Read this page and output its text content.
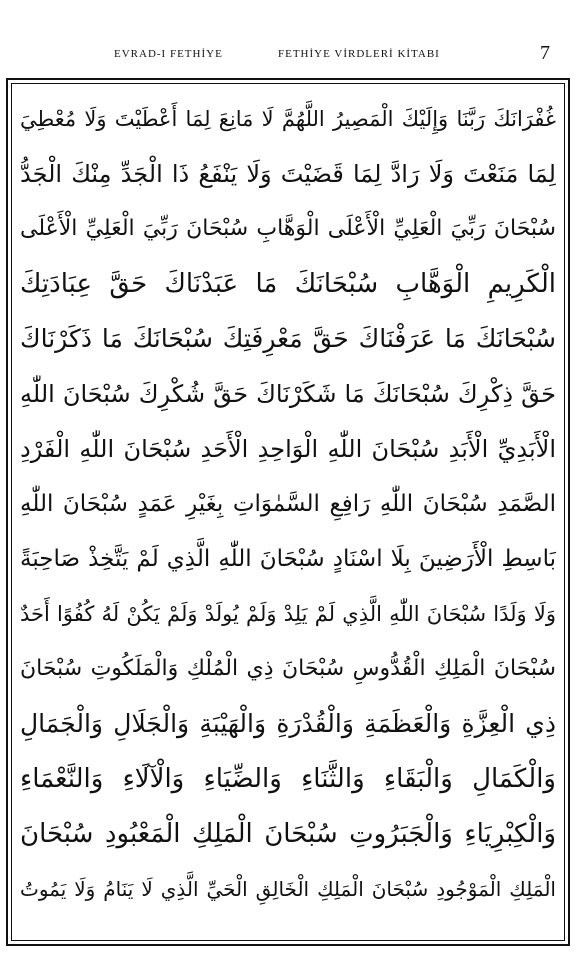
EVRAD-I FETHİYE	FETHİYE VİRDLERİ KİTABI	7
غُفْرَانَكَ رَبَّنَا وَإِلَيْكَ الْمَصِيرُ اللَّهُمَّ لَا مَانِعَ لِمَا أَعْطَيْتَ وَلَا مُعْطِيَ
لِمَا مَنَعْتَ وَلَا رَادَّ لِمَا قَضَيْتَ وَلَا يَنْفَعُ ذَا الْجَدِّ مِنْكَ الْجَدُّ
سُبْحَانَ رَبِّيَ الْعَلِيِّ الْأَعْلَى الْوَهَّابِ سُبْحَانَ رَبِّيَ الْعَلِيِّ الْأَعْلَى
الْكَرِيمِ الْوَهَّابِ سُبْحَانَكَ مَا عَبَدْنَاكَ حَقَّ عِبَادَتِكَ
سُبْحَانَكَ مَا عَرَفْنَاكَ حَقَّ مَعْرِفَتِكَ سُبْحَانَكَ مَا ذَكَرْنَاكَ
حَقَّ ذِكْرِكَ سُبْحَانَكَ مَا شَكَرْنَاكَ حَقَّ شُكْرِكَ سُبْحَانَ اللّٰهِ
الْأَبَدِيِّ الْأَبَدِ سُبْحَانَ اللّٰهِ الْوَاحِدِ الْأَحَدِ سُبْحَانَ اللّٰهِ الْفَرْدِ
الصَّمَدِ سُبْحَانَ اللّٰهِ رَافِعِ السَّمٰوَاتِ بِغَيْرِ عَمَدٍ سُبْحَانَ اللّٰهِ
بَاسِطِ الْأَرَضِينَ بِلَا اسْنَادٍ سُبْحَانَ اللّٰهِ الَّذِي لَمْ يَتَّخِذْ صَاحِبَةً
وَلَا وَلَدًا سُبْحَانَ اللّٰهِ الَّذِي لَمْ يَلِدْ وَلَمْ يُولَدْ وَلَمْ يَكُنْ لَهُ كُفُوًا أَحَدٌ
سُبْحَانَ الْمَلِكِ الْقُدُّوسِ سُبْحَانَ ذِي الْمُلْكِ وَالْمَلَكُوتِ سُبْحَانَ
ذِي الْعِزَّةِ وَالْعَظَمَةِ وَالْقُدْرَةِ وَالْهَيْبَةِ وَالْجَلَالِ وَالْجَمَالِ
وَالْكَمَالِ وَالْبَقَاءِ وَالثَّنَاءِ وَالضِّيَاءِ وَالْآلَاءِ وَالنَّعْمَاءِ
وَالْكِبْرِيَاءِ وَالْجَبَرُوتِ سُبْحَانَ الْمَلِكِ الْمَعْبُودِ سُبْحَانَ
الْمَلِكِ الْمَوْجُودِ سُبْحَانَ الْمَلِكِ الْخَالِقِ الْحَيِّ الَّذِي لَا يَنَامُ وَلَا يَمُوتُ
